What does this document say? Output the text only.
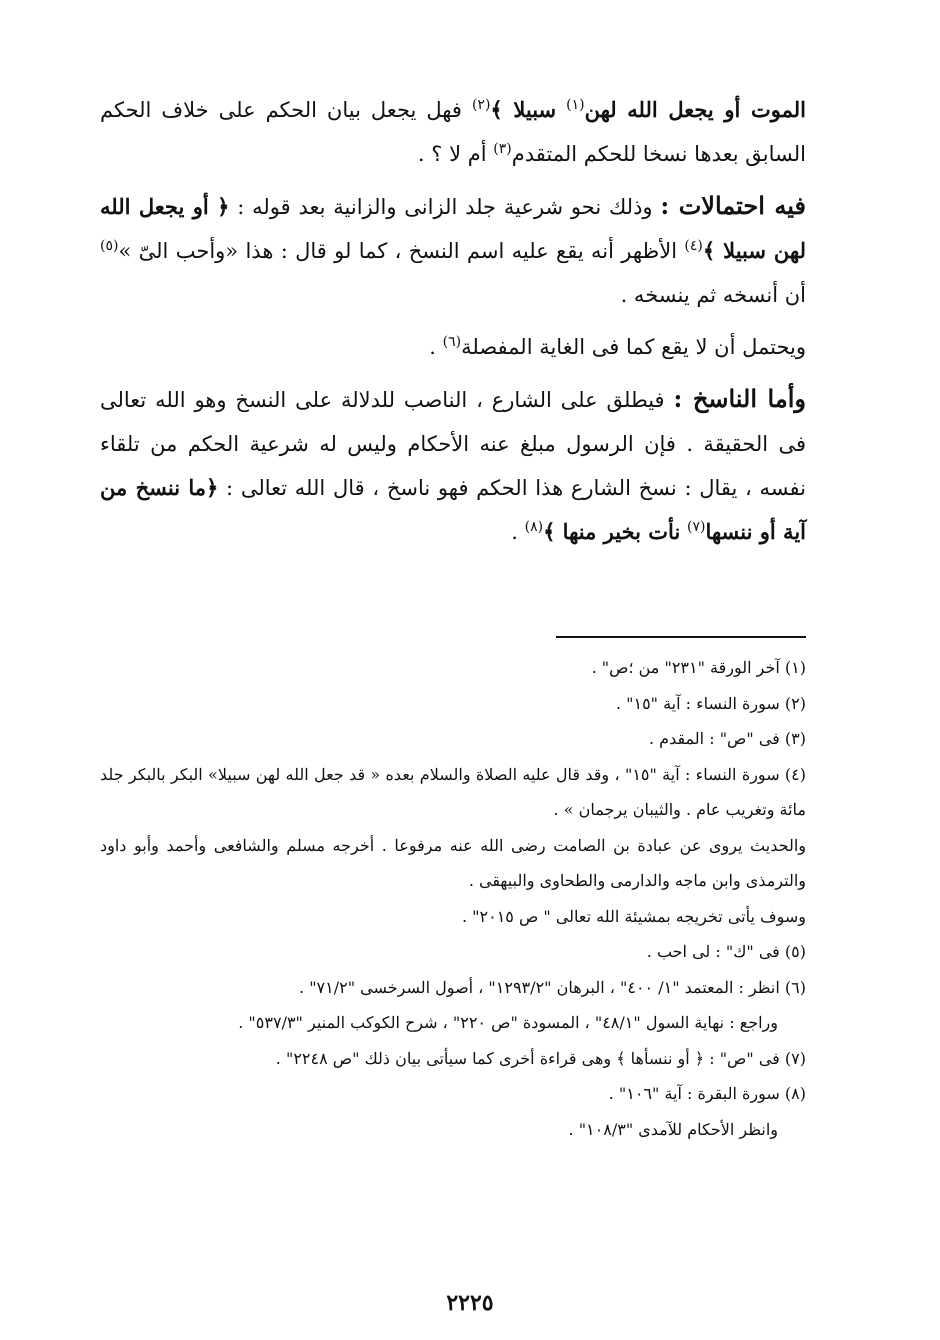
الموت أو يجعل الله لهن$^{(١)}$ سبيلا ﴾$^{(٢)}$ فهل يجعل بيان الحكم على خلاف الحكم السابق بعدها نسخا للحكم المتقدم$^{(٣)}$ أم لا ؟ .

فيه احتمالات : وذلك نحو شرعية جلد الزانى والزانية بعد قوله : ﴿ أو يجعل الله لهن سبيلا ﴾$^{(٤)}$ الأظهر أنه يقع عليه اسم النسخ ، كما لو قال : هذا «وأحب الىّ »$^{(٥)}$ أن أنسخه ثم ينسخه .

ويحتمل أن لا يقع كما فى الغاية المفصلة$^{(٦)}$ .

وأما الناسخ : فيطلق على الشارع ، الناصب للدلالة على النسخ وهو الله تعالى فى الحقيقة . فإن الرسول مبلغ عنه الأحكام وليس له شرعية الحكم من تلقاء نفسه ، يقال : نسخ الشارع هذا الحكم فهو ناسخ ، قال الله تعالى : ﴿ما ننسخ من آية أو ننسها$^{(٧)}$ نأت بخير منها ﴾$^{(٨)}$ .

(١) آخر الورقة "٢٣١" من ؛ص" .

(٢) سورة النساء : آية "١٥" .

(٣) فى "ص" : المقدم .

(٤) سورة النساء : آية "١٥" ، وقد قال عليه الصلاة والسلام بعده « قد جعل الله لهن سبيلا» البكر بالبكر جلد مائة وتغريب عام . والثيبان يرجمان » .

والحديث يروى عن عبادة بن الصامت رضى الله عنه مرفوعا . أخرجه مسلم والشافعى وأحمد وأبو داود والترمذى وابن ماجه والدارمى والطحاوى والبيهقى .

وسوف يأتى تخريجه بمشيئة الله تعالى " ص ٢٠١٥" .

(٥) فى "ك" : لى احب .

(٦) انظر : المعتمد "١/ ٤٠٠" ، البرهان "١٢٩٣/٢" ، أصول السرخسى "٧١/٢" .

وراجع : نهاية السول "٤٨/١" ، المسودة "ص ٢٢٠" ، شرح الكوكب المنير "٥٣٧/٣" .

(٧) فى "ص" : ﴿ أو ننسأها ﴾ وهى قراءة أخرى كما سيأتى بيان ذلك "ص ٢٢٤٨" .

(٨) سورة البقرة : آية "١٠٦" .

وانظر الأحكام للآمدى "١٠٨/٣" .

٢٢٢٥
